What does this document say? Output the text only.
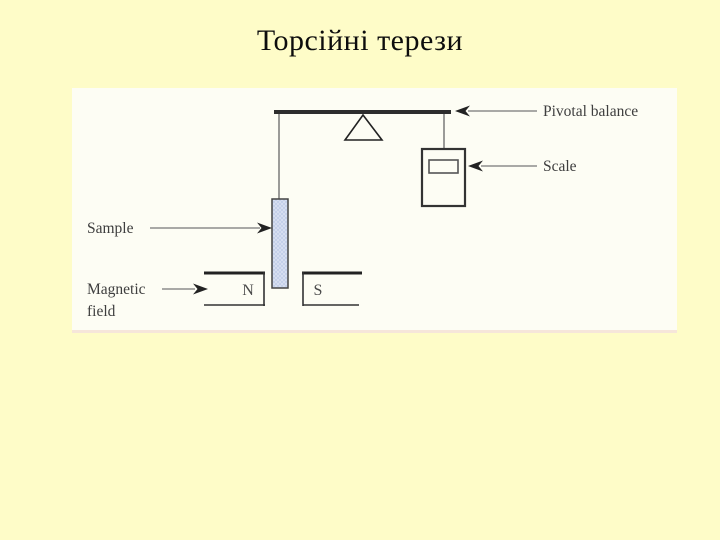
Торсійні терези
N	S
Pivotal balance
Scale
Sample
Magnetic
field
